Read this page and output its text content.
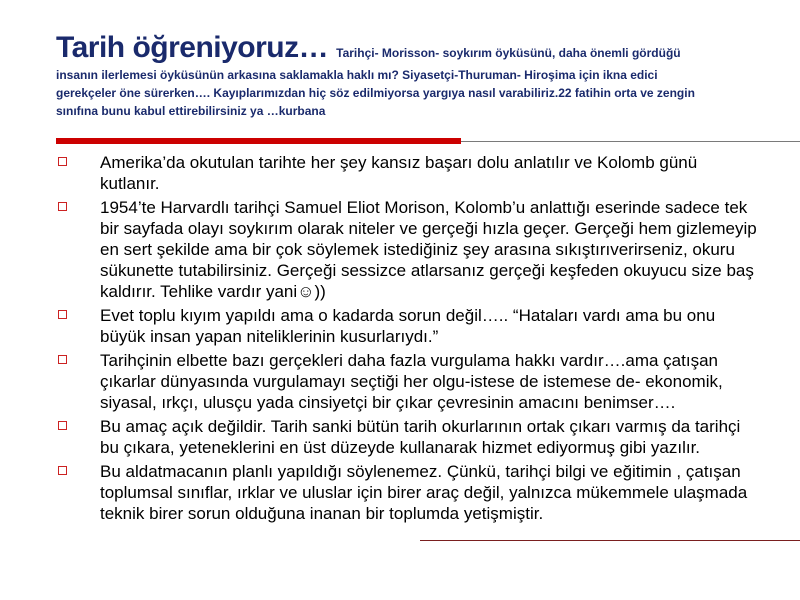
Tarih öğreniyoruz… Tarihçi- Morisson- soykırım öyküsünü, daha önemli gördüğü
insanın ilerlemesi öyküsünün arkasına saklamakla haklı mı? Siyasetçi-Thuruman- Hiroşima için ikna edici
gerekçeler öne sürerken…. Kayıplarımızdan hiç söz edilmiyorsa yargıya nasıl varabiliriz.22 fatihin orta ve zengin
sınıfına bunu kabul ettirebilirsiniz ya …kurbana
Amerika’da okutulan tarihte her şey kansız başarı dolu anlatılır ve Kolomb günü kutlanır.
1954’te Harvardlı tarihçi Samuel Eliot Morison, Kolomb’u anlattığı eserinde sadece tek bir sayfada olayı soykırım olarak niteler ve gerçeği hızla geçer. Gerçeği hem gizlemeyip en sert şekilde ama bir çok söylemek istediğiniz şey arasına sıkıştırıverirseniz, okuru sükunette tutabilirsiniz. Gerçeği sessizce atlarsanız gerçeği keşfeden okuyucu size baş kaldırır. Tehlike vardır yani☺))
Evet toplu kıyım yapıldı ama o kadarda sorun değil….. “Hataları vardı ama bu onu büyük insan yapan niteliklerinin kusurlarıydı.”
Tarihçinin elbette bazı gerçekleri daha fazla vurgulama hakkı vardır….ama çatışan çıkarlar dünyasında vurgulamayı seçtiği her olgu-istese de istemese de- ekonomik, siyasal, ırkçı, ulusçu yada cinsiyetçi bir çıkar çevresinin amacını benimser….
Bu amaç açık değildir. Tarih sanki bütün tarih okurlarının ortak çıkarı varmış da tarihçi bu çıkara, yeteneklerini en üst düzeyde kullanarak hizmet ediyormuş gibi yazılır.
Bu aldatmacanın planlı yapıldığı söylenemez. Çünkü, tarihçi bilgi ve eğitimin , çatışan toplumsal sınıflar, ırklar ve uluslar için birer araç değil, yalnızca mükemmele ulaşmada teknik birer sorun olduğuna inanan bir toplumda yetişmiştir.
